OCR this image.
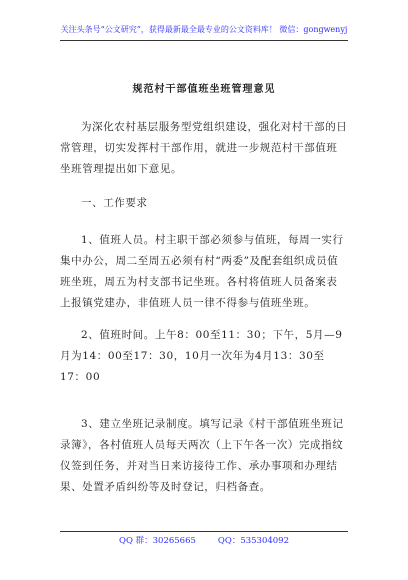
关注头条号“公文研究”，获得最新最全最专业的公文资料库！ 微信：gongwenyj
规范村干部值班坐班管理意见

为深化农村基层服务型党组织建设，强化对村干部的日常管理，切实发挥村干部作用，就进一步规范村干部值班坐班管理提出如下意见。

一、工作要求

1、值班人员。村主职干部必须参与值班，每周一实行集中办公，周二至周五必须有村“两委”及配套组织成员值班坐班，周五为村支部书记坐班。各村将值班人员备案表上报镇党建办，非值班人员一律不得参与值班坐班。

2、值班时间。上午8：00至11：30；下午，5月—9月为14：00至17：30，10月一次年为4月13：30至17：00

3、建立坐班记录制度。填写记录《村干部值班坐班记录簿》，各村值班人员每天两次（上下午各一次）完成指纹仪签到任务，并对当日来访接待工作、承办事项和办理结果、处置矛盾纠纷等及时登记，归档备查。

QQ 群：30265665	QQ：535304092
